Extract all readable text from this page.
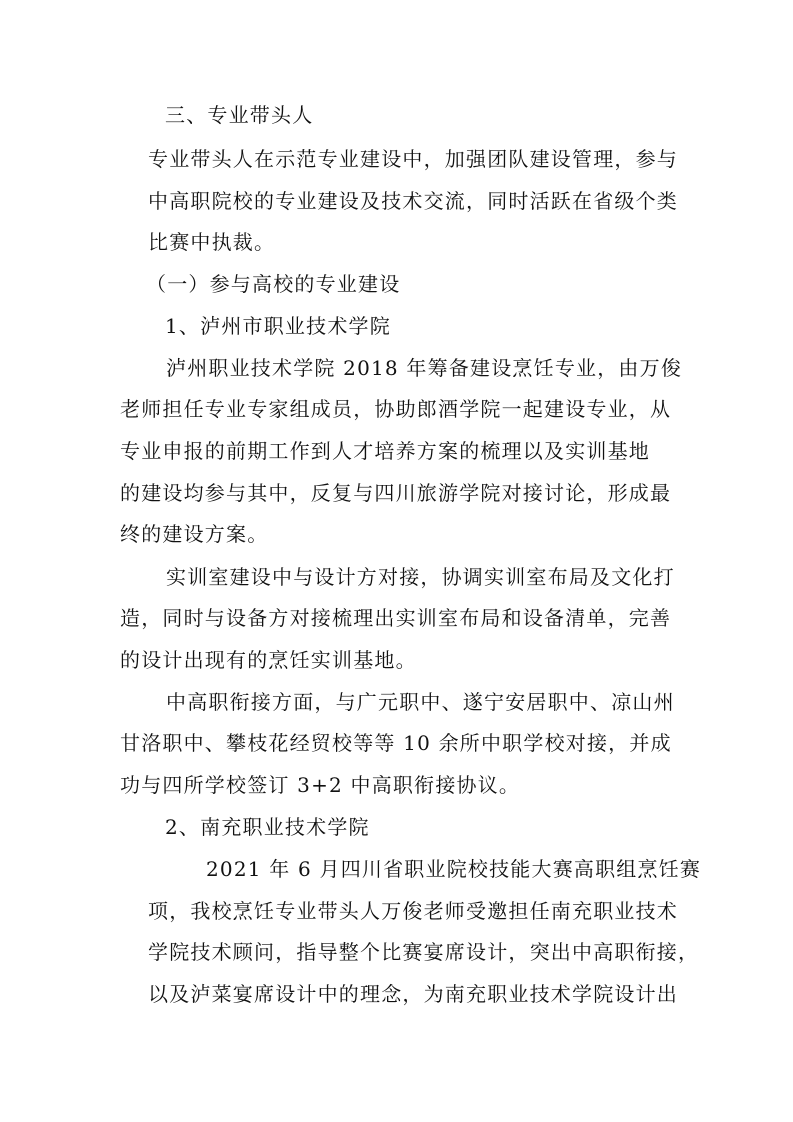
三、专业带头人
专业带头人在示范专业建设中，加强团队建设管理，参与
中高职院校的专业建设及技术交流，同时活跃在省级个类
比赛中执裁。
（一）参与高校的专业建设
1、泸州市职业技术学院
泸州职业技术学院 2018 年筹备建设烹饪专业，由万俊
老师担任专业专家组成员，协助郎酒学院一起建设专业，从
专业申报的前期工作到人才培养方案的梳理以及实训基地
的建设均参与其中，反复与四川旅游学院对接讨论，形成最
终的建设方案。
实训室建设中与设计方对接，协调实训室布局及文化打
造，同时与设备方对接梳理出实训室布局和设备清单，完善
的设计出现有的烹饪实训基地。
中高职衔接方面，与广元职中、遂宁安居职中、凉山州
甘洛职中、攀枝花经贸校等等 10 余所中职学校对接，并成
功与四所学校签订 3+2 中高职衔接协议。
2、南充职业技术学院
2021 年 6 月四川省职业院校技能大赛高职组烹饪赛
项，我校烹饪专业带头人万俊老师受邀担任南充职业技术
学院技术顾问，指导整个比赛宴席设计，突出中高职衔接，
以及泸菜宴席设计中的理念，为南充职业技术学院设计出
